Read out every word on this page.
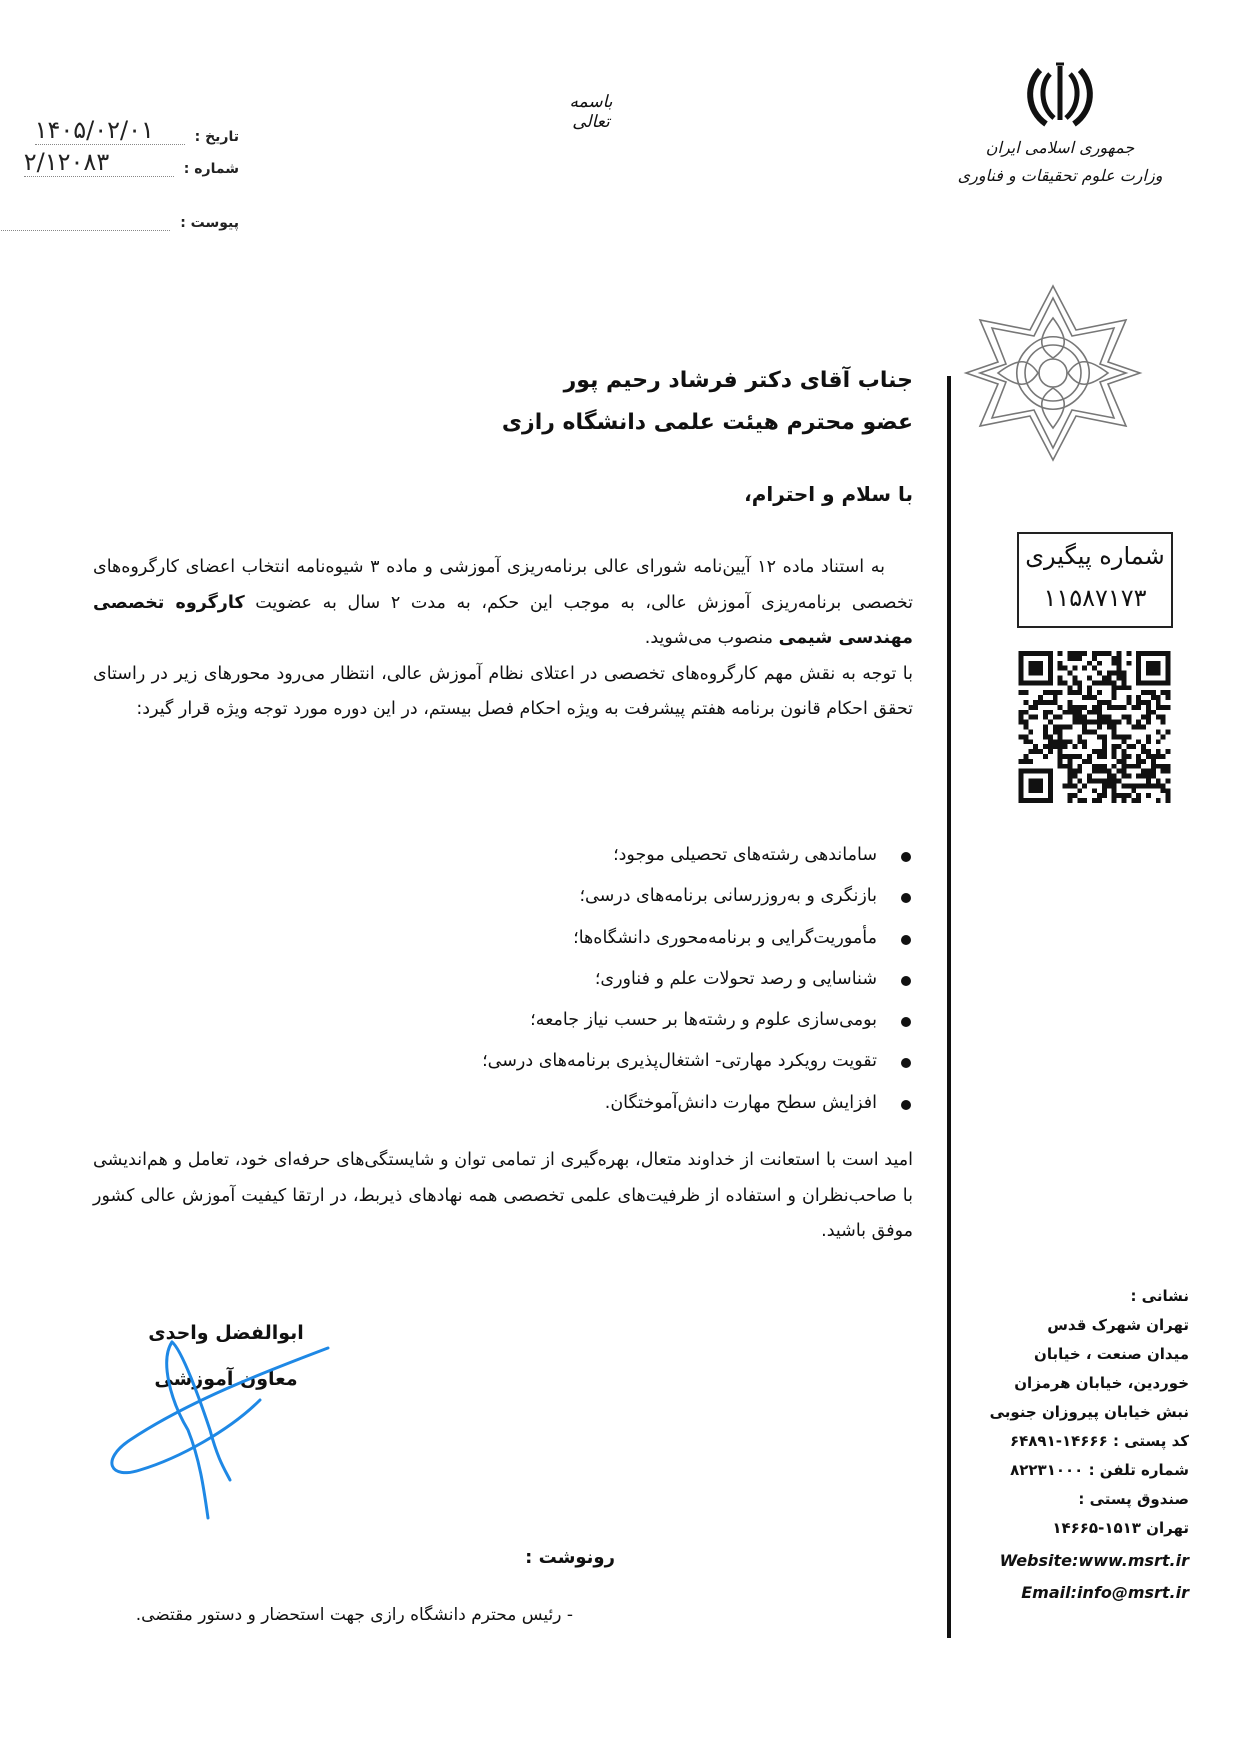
باسمه تعالی
تاریخ :
۱۴۰۵/۰۲/۰۱
شماره :
۲/۱۲۰۸۳
پیوست :
جمهوری اسلامی ایران
وزارت علوم تحقیقات و فناوری
شماره پیگیری
۱۱۵۸۷۱۷۳
جناب آقای دکتر فرشاد رحیم پور
عضو محترم هیئت علمی دانشگاه رازی
با سلام و احترام،
به استناد ماده ۱۲ آیین‌نامه شورای عالی برنامه‌ریزی آموزشی و ماده ۳ شیوه‌نامه انتخاب اعضای کارگروه‌های تخصصی برنامه‌ریزی آموزش عالی، به موجب این حکم، به مدت ۲ سال به عضویت کارگروه تخصصی مهندسی شیمی منصوب می‌شوید.
با توجه به نقش مهم کارگروه‌های تخصصی در اعتلای نظام آموزش عالی، انتظار می‌رود محورهای زیر در راستای تحقق احکام قانون برنامه هفتم پیشرفت به ویژه احکام فصل بیستم، در این دوره مورد توجه ویژه قرار گیرد:
ساماندهی رشته‌های تحصیلی موجود؛
بازنگری و به‌روزرسانی برنامه‌های درسی؛
مأموریت‌گرایی و برنامه‌محوری دانشگاه‌ها؛
شناسایی و رصد تحولات علم و فناوری؛
بومی‌سازی علوم و رشته‌ها بر حسب نیاز جامعه؛
تقویت رویکرد مهارتی- اشتغال‌پذیری برنامه‌های درسی؛
افزایش سطح مهارت دانش‌آموختگان.
امید است با استعانت از خداوند متعال، بهره‌گیری از تمامی توان و شایستگی‌های حرفه‌ای خود، تعامل و هم‌اندیشی با صاحب‌نظران و استفاده از ظرفیت‌های علمی تخصصی همه نهادهای ذیربط، در ارتقا کیفیت آموزش عالی کشور موفق باشید.
ابوالفضل واحدی
معاون آموزشی
رونوشت :
- رئیس محترم دانشگاه رازی جهت استحضار و دستور مقتضی.
نشانی :
تهران شهرک قدس
میدان صنعت ، خیابان
خوردین، خیابان هرمزان
نبش خیابان پیروزان جنوبی
کد پستی : ۱۴۶۶۶-۶۴۸۹۱
شماره تلفن : ۸۲۲۳۱۰۰۰
صندوق پستی :
تهران ۱۵۱۳-۱۴۶۶۵
Website:www.msrt.ir
Email:info@msrt.ir
